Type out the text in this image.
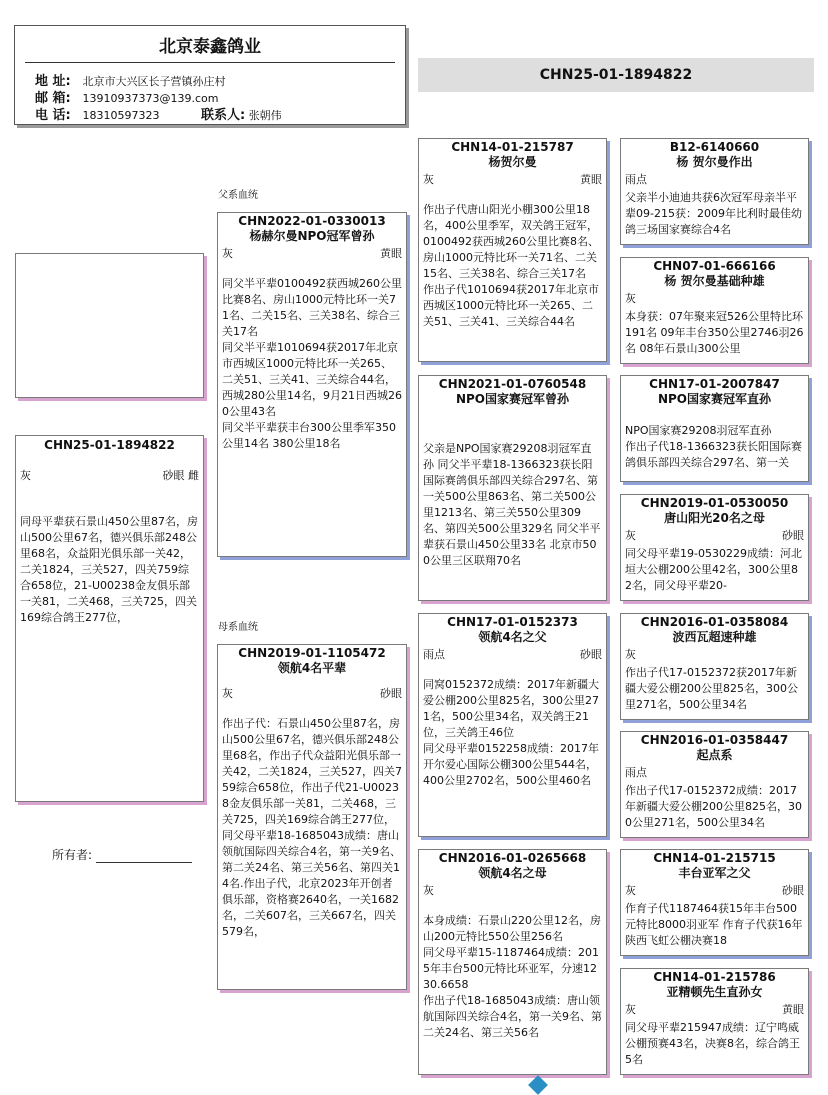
北京泰鑫鸽业
地 址: 北京市大兴区长子营镇孙庄村
邮 箱: 13910937373@139.com
电 话: 18310597323	联系人: 张朝伟
CHN25-01-1894822
父系血统
母系血统
CHN25-01-1894822
灰	砂眼 雌
同母平辈获石景山450公里87名，房山500公里67名，德兴俱乐部248公里68名，众益阳光俱乐部一关42，二关1824，三关527，四关759综合658位，21-U00238金友俱乐部一关81，二关468，三关725，四关169综合鸽王277位，
CHN2022-01-0330013
杨赫尔曼NPO冠军曾孙
灰	黄眼
同父半平辈0100492获西城260公里比赛8名、房山1000元特比环一关71名、二关15名、三关38名、综合三关17名
同父半平辈1010694获2017年北京市西城区1000元特比环一关265、二关51、三关41、三关综合44名，西城280公里14名，9月21日西城260公里43名
同父半平辈获丰台300公里季军350公里14名 380公里18名
CHN2019-01-1105472
领航4名平辈
灰	砂眼
作出子代：石景山450公里87名，房山500公里67名，德兴俱乐部248公里68名，作出子代众益阳光俱乐部一关42，二关1824，三关527，四关759综合658位，作出子代21-U00238金友俱乐部一关81，二关468，三关725，四关169综合鸽王277位，同父母平辈18-1685043成绩：唐山领航国际四关综合4名，第一关9名、第二关24名、第三关56名、第四关14名.作出子代，北京2023年开创者俱乐部，资格赛2640名，一关1682名，二关607名，三关667名，四关579名，
CHN14-01-215787
杨贺尔曼
灰	黄眼
作出子代唐山阳光小棚300公里18名，400公里季军，双关鸽王冠军，0100492获西城260公里比赛8名、房山1000元特比环一关71名、二关15名、三关38名、综合三关17名
作出子代1010694获2017年北京市西城区1000元特比环一关265、二关51、三关41、三关综合44名
CHN2021-01-0760548
NPO国家赛冠军曾孙
父亲是NPO国家赛29208羽冠军直孙 同父半平辈18-1366323获长阳国际赛鸽俱乐部四关综合297名、第一关500公里863名、第二关500公里1213名、第三关550公里309名、第四关500公里329名 同父半平辈获石景山450公里33名 北京市500公里三区联翔70名
CHN17-01-0152373
领航4名之父
雨点	砂眼
同窝0152372成绩：2017年新疆大爱公棚200公里825名，300公里271名，500公里34名，双关鸽王21位，三关鸽王46位
同父母平辈0152258成绩：2017年开尔爱心国际公棚300公里544名，400公里2702名，500公里460名
CHN2016-01-0265668
领航4名之母
灰
本身成绩：石景山220公里12名，房山200元特比550公里256名
同父母平辈15-1187464成绩：2015年丰台500元特比环亚军，分速1230.6658
作出子代18-1685043成绩：唐山领航国际四关综合4名，第一关9名、第二关24名、第三关56名
B12-6140660
杨 贺尔曼作出
雨点
父亲半小迪迪共获6次冠军母亲半平辈09-215获：2009年比利时最佳幼鸽三场国家赛综合4名
CHN07-01-666166
杨 贺尔曼基础种雄
灰
本身获：07年聚来冠526公里特比环191名 09年丰台350公里2746羽26名 08年石景山300公里
CHN17-01-2007847
NPO国家赛冠军直孙
NPO国家赛29208羽冠军直孙
作出子代18-1366323获长阳国际赛鸽俱乐部四关综合297名、第一关
CHN2019-01-0530050
唐山阳光20名之母
灰	砂眼
同父母平辈19-0530229成绩：河北垣大公棚200公里42名，300公里82名，同父母平辈20-
CHN2016-01-0358084
波西瓦超速种雄
灰
作出子代17-0152372获2017年新疆大爱公棚200公里825名，300公里271名，500公里34名
CHN2016-01-0358447
起点系
雨点
作出子代17-0152372成绩：2017年新疆大爱公棚200公里825名，300公里271名，500公里34名
CHN14-01-215715
丰台亚军之父
灰	砂眼
作育子代1187464获15年丰台500元特比8000羽亚军 作育子代获16年陕西飞虹公棚决赛18
CHN14-01-215786
亚精顿先生直孙女
灰	黄眼
同父母平辈215947成绩：辽宁鸣威公棚预赛43名，决赛8名，综合鸽王5名
所有者:
